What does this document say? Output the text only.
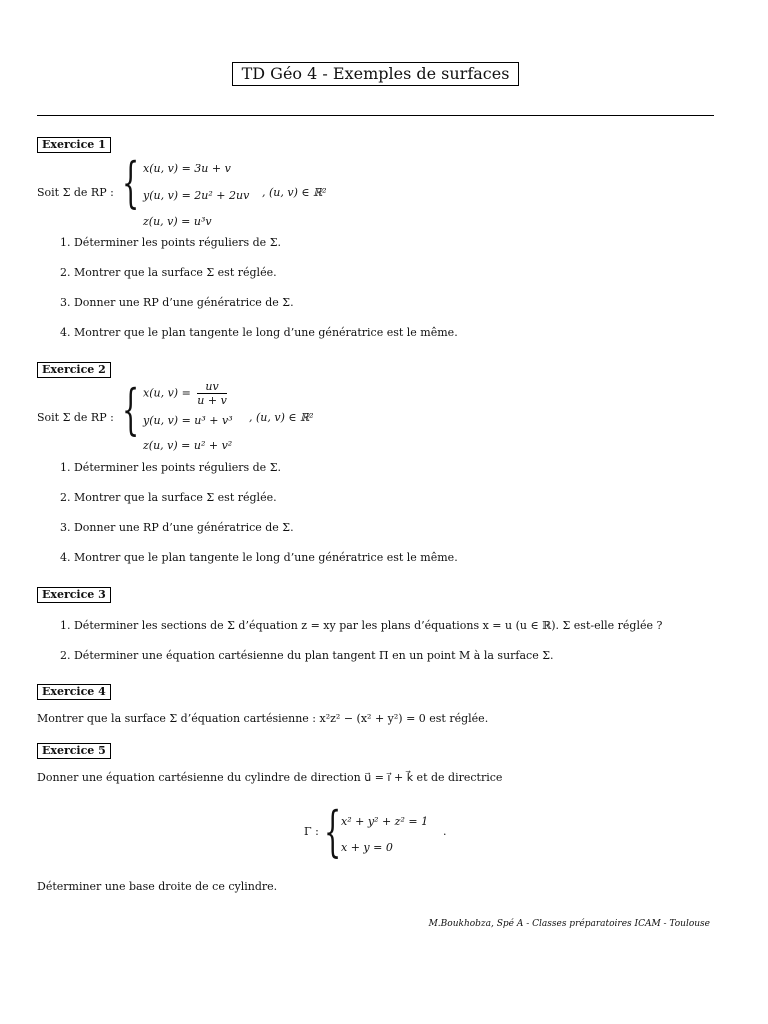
TD Géo 4 - Exemples de surfaces
Exercice 1
Soit Σ de RP : { x(u, v) = 3u + v
y(u, v) = 2u² + 2uv , (u, v) ∈ ℝ²
z(u, v) = u³v
1. Déterminer les points réguliers de Σ.
2. Montrer que la surface Σ est réglée.
3. Donner une RP d’une génératrice de Σ.
4. Montrer que le plan tangente le long d’une génératrice est le même.
Exercice 2
Soit Σ de RP : { x(u, $v) = \frac{uv}{u + v}$
y(u, v) = u³ + v³ , (u, v) ∈ ℝ²
z(u, v) = u² + v²
1. Déterminer les points réguliers de Σ.
2. Montrer que la surface Σ est réglée.
3. Donner une RP d’une génératrice de Σ.
4. Montrer que le plan tangente le long d’une génératrice est le même.
Exercice 3
1. Déterminer les sections de Σ d’équation z = xy par les plans d’équations x = u (u ∈ ℝ). Σ est-elle réglée ?
2. Déterminer une équation cartésienne du plan tangent Π en un point M à la surface Σ.
Exercice 4
Montrer que la surface Σ d’équation cartésienne : x²z² − (x² + y²) = 0 est réglée.
Exercice 5
Donner une équation cartésienne du cylindre de direction u⃗ = i⃗ + k⃗ et de directrice
Γ : { x² + y² + z² = 1
x + y = 0
.
Déterminer une base droite de ce cylindre.
M.Boukhobza, Spé A - Classes préparatoires ICAM - Toulouse
